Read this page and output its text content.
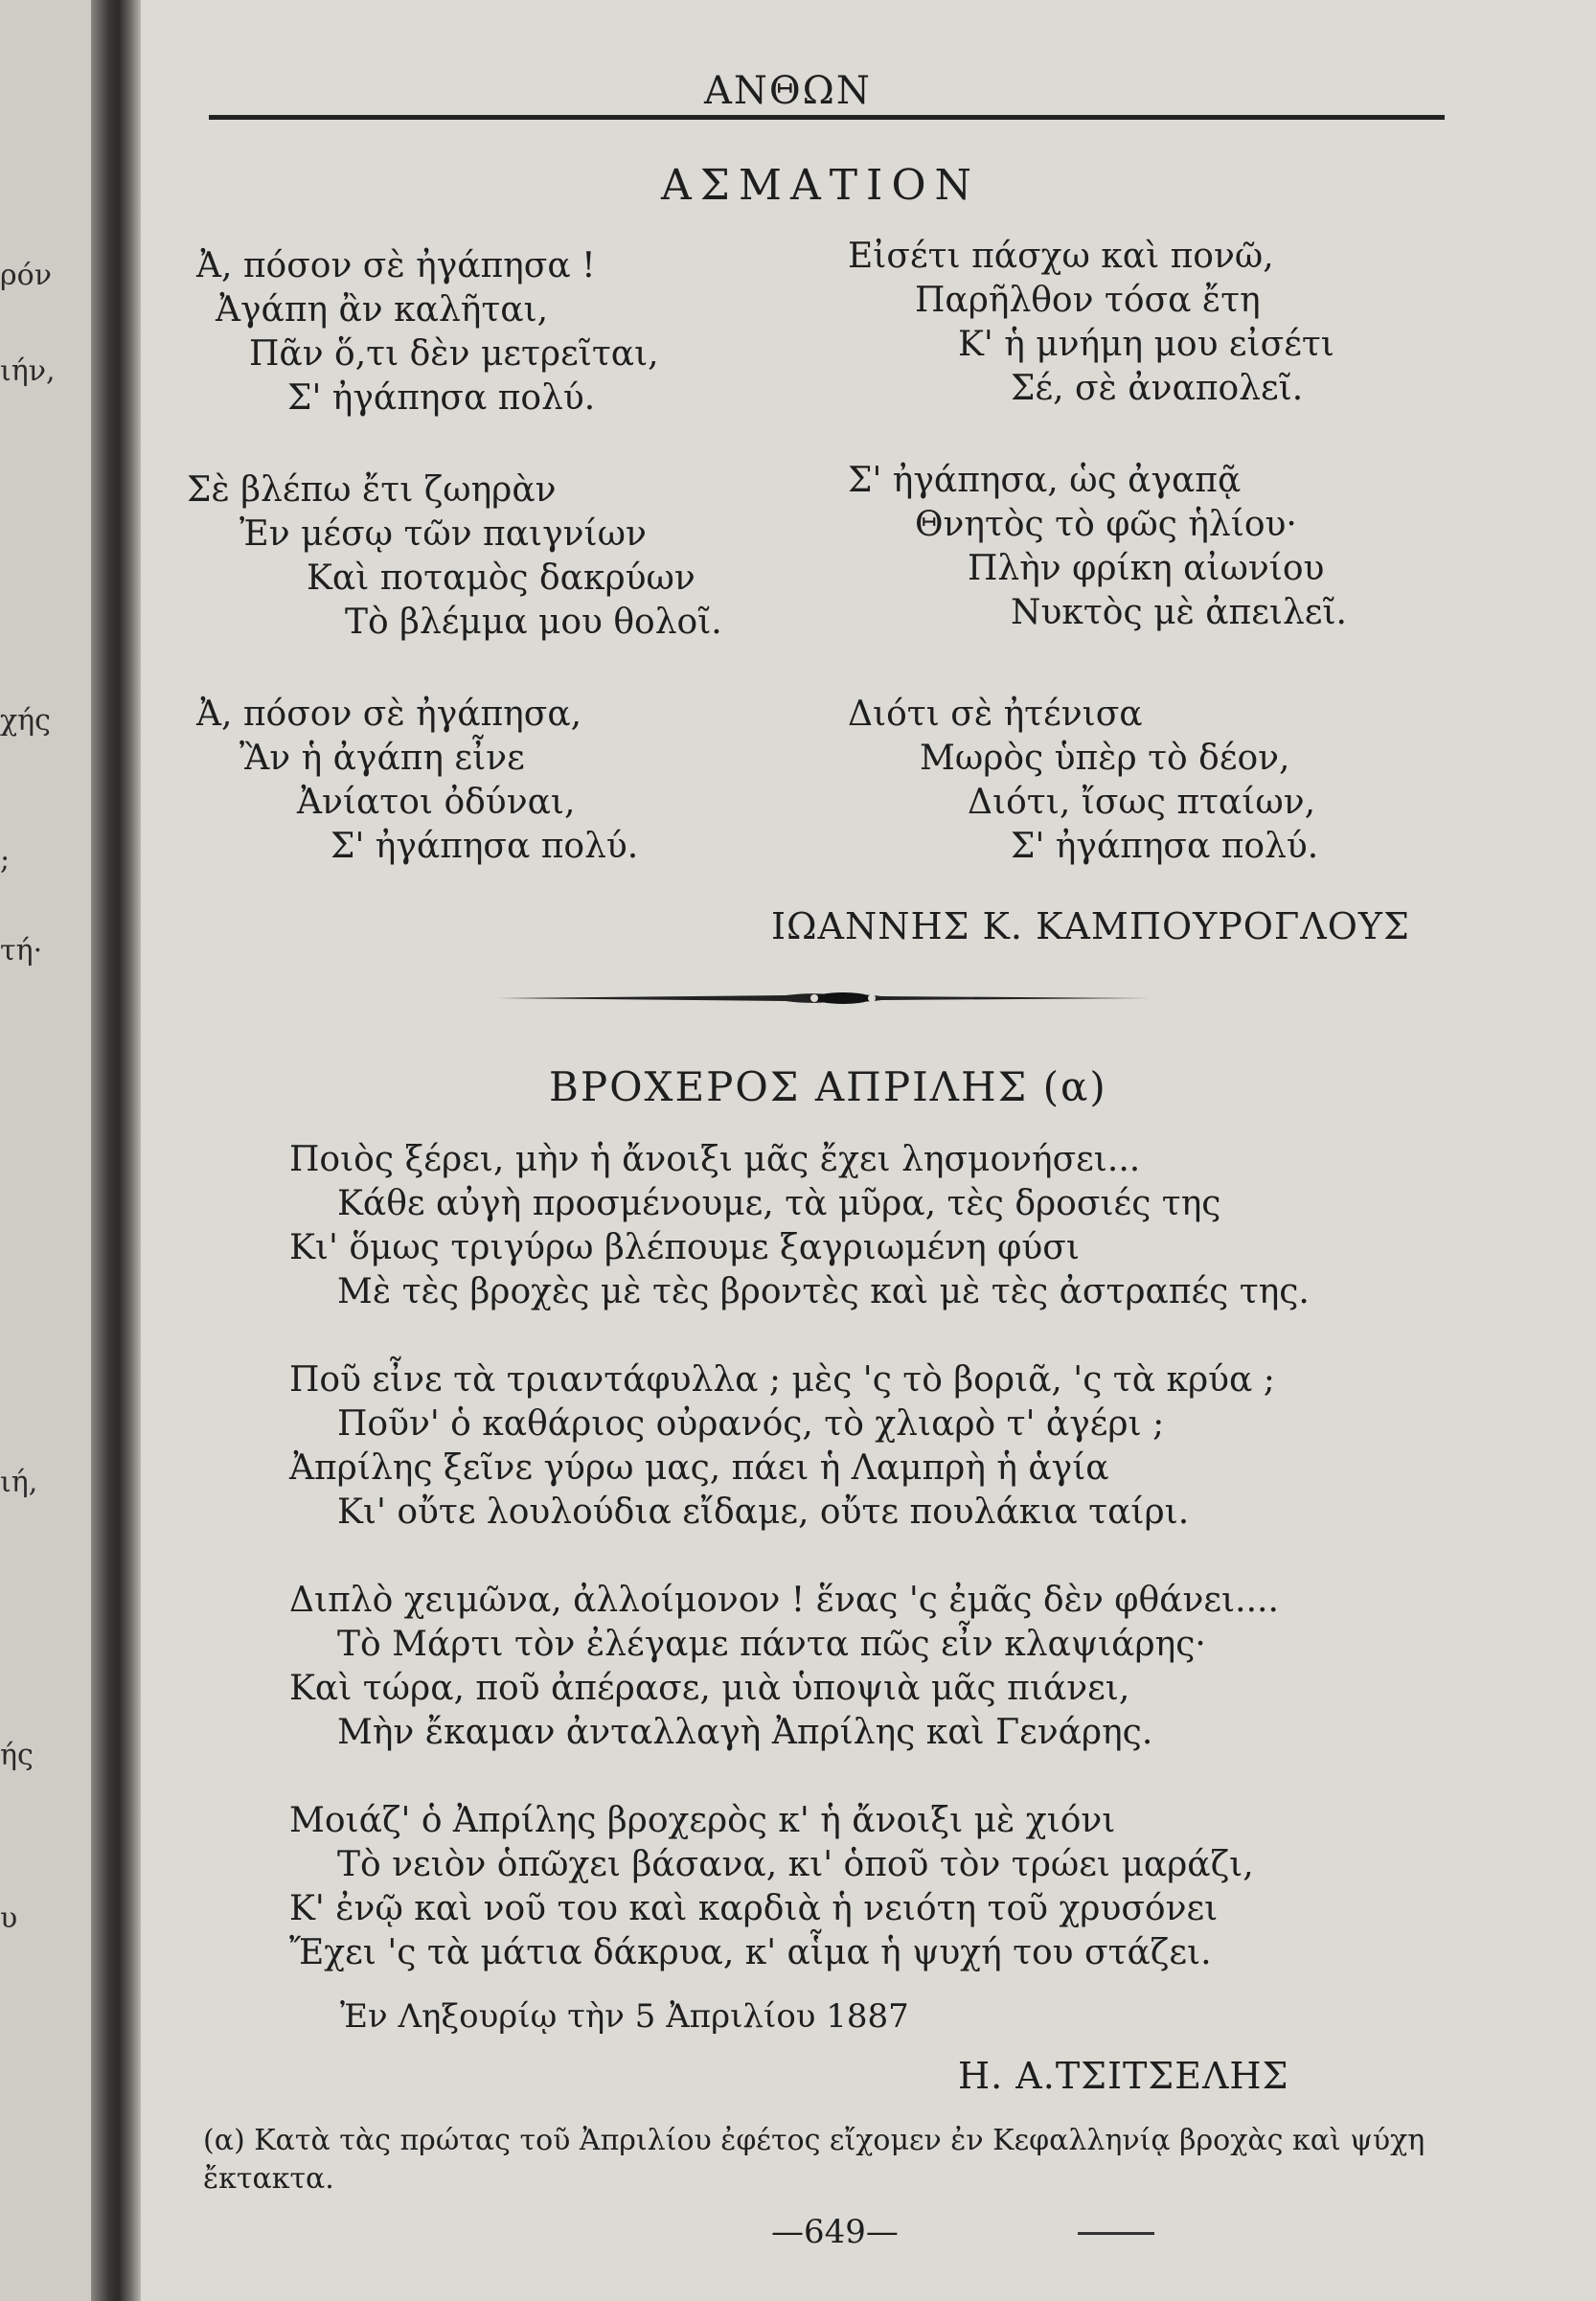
ρόν
ιήν,
χής
;
τή·
ιή,
ής
υ
ΑΝΘΩΝ
ΑΣΜΑΤΙΟΝ
Ἀ, πόσον σὲ ἠγάπησα !
Ἀγάπη ἂν καλῆται,
Πᾶν ὅ,τι δὲν μετρεῖται,
Σ' ἠγάπησα πολύ.
Σὲ βλέπω ἔτι ζωηρὰν
Ἐν μέσῳ τῶν παιγνίων
Καὶ ποταμὸς δακρύων
Τὸ βλέμμα μου θολοῖ.
Ἀ, πόσον σὲ ἠγάπησα,
Ἂν ἡ ἀγάπη εἶνε
Ἀνίατοι ὀδύναι,
Σ' ἠγάπησα πολύ.
Εἰσέτι πάσχω καὶ πονῶ,
Παρῆλθον τόσα ἔτη
Κ' ἡ μνήμη μου εἰσέτι
Σέ, σὲ ἀναπολεῖ.
Σ' ἠγάπησα, ὡς ἀγαπᾷ
Θνητὸς τὸ φῶς ἡλίου·
Πλὴν φρίκη αἰωνίου
Νυκτὸς μὲ ἀπειλεῖ.
Διότι σὲ ἠτένισα
Μωρὸς ὑπὲρ τὸ δέον,
Διότι, ἴσως πταίων,
Σ' ἠγάπησα πολύ.
ΙΩΑΝΝΗΣ Κ. ΚΑΜΠΟΥΡΟΓΛΟΥΣ
ΒΡΟΧΕΡΟΣ ΑΠΡΙΛΗΣ (α)
Ποιὸς ξέρει, μὴν ἡ ἄνοιξι μᾶς ἔχει λησμονήσει...
Κάθε αὐγὴ προσμένουμε, τὰ μῦρα, τὲς δροσιές της
Κι' ὅμως τριγύρω βλέπουμε ξαγριωμένη φύσι
Μὲ τὲς βροχὲς μὲ τὲς βροντὲς καὶ μὲ τὲς ἀστραπές της.
Ποῦ εἶνε τὰ τριαντάφυλλα ; μὲς 'ς τὸ βοριᾶ, 'ς τὰ κρύα ;
Ποῦν' ὁ καθάριος οὐρανός, τὸ χλιαρὸ τ' ἀγέρι ;
Ἀπρίλης ξεῖνε γύρω μας, πάει ἡ Λαμπρὴ ἡ ἁγία
Κι' οὔτε λουλούδια εἴδαμε, οὔτε πουλάκια ταίρι.
Διπλὸ χειμῶνα, ἀλλοίμονον ! ἕνας 'ς ἐμᾶς δὲν φθάνει....
Τὸ Μάρτι τὸν ἐλέγαμε πάντα πῶς εἶν κλαψιάρης·
Καὶ τώρα, ποῦ ἀπέρασε, μιὰ ὑποψιὰ μᾶς πιάνει,
Μὴν ἔκαμαν ἀνταλλαγὴ Ἀπρίλης καὶ Γενάρης.
Μοιάζ' ὁ Ἀπρίλης βροχερὸς κ' ἡ ἄνοιξι μὲ χιόνι
Τὸ νειὸν ὁπῶχει βάσανα, κι' ὁποῦ τὸν τρώει μαράζι,
Κ' ἐνῷ καὶ νοῦ του καὶ καρδιὰ ἡ νειότη τοῦ χρυσόνει
Ἔχει 'ς τὰ μάτια δάκρυα, κ' αἷμα ἡ ψυχή του στάζει.
Ἐν Ληξουρίῳ τὴν 5 Ἀπριλίου 1887
Η. Α.ΤΣΙΤΣΕΛΗΣ
(α) Κατὰ τὰς πρώτας τοῦ Ἀπριλίου ἐφέτος εἴχομεν ἐν Κεφαλληνίᾳ βροχὰς καὶ ψύχη ἔκτακτα.
—649—
